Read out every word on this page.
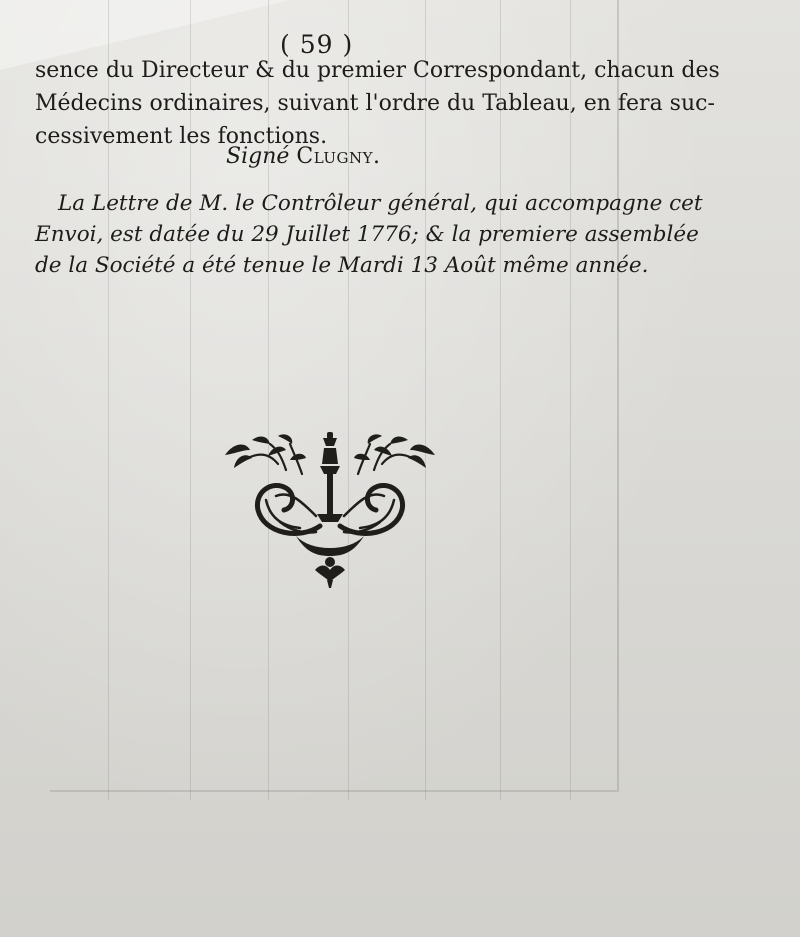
( 59 )

sence du Directeur & du premier Correspondant, chacun des

Médecins ordinaires, suivant l'ordre du Tableau, en fera suc-

cessivement les fonctions.

Signé Clugny.

La Lettre de M. le Contrôleur général, qui accompagne cet

Envoi, est datée du 29 Juillet 1776; & la premiere assemblée

de la Société a été tenue le Mardi 13 Août même année.
